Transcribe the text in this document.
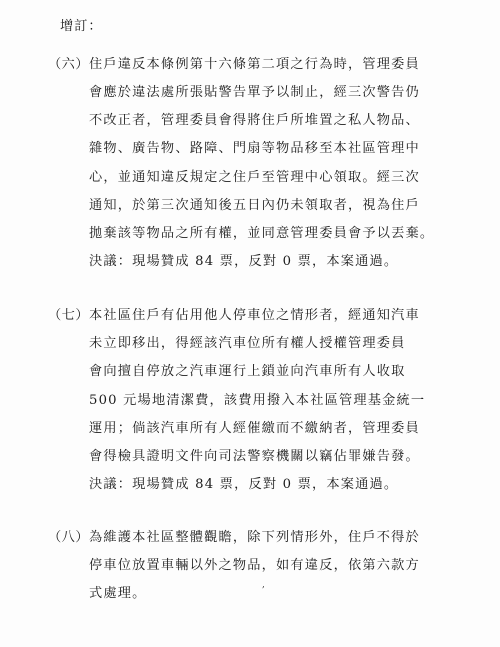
增訂：
（六） 住戶違反本條例第十六條第二項之行為時，管理委員
會應於違法處所張貼警告單予以制止，經三次警告仍
不改正者，管理委員會得將住戶所堆置之私人物品、
雜物、廣告物、路障、門扇等物品移至本社區管理中
心，並通知違反規定之住戶至管理中心領取。經三次
通知，於第三次通知後五日內仍未領取者，視為住戶
拋棄該等物品之所有權，並同意管理委員會予以丟棄。
決議：現場贊成 84 票，反對 0 票，本案通過。
（七） 本社區住戶有佔用他人停車位之情形者，經通知汽車
未立即移出，得經該汽車位所有權人授權管理委員
會向擅自停放之汽車運行上鎖並向汽車所有人收取
500 元場地清潔費，該費用撥入本社區管理基金統一
運用；倘該汽車所有人經催繳而不繳納者，管理委員
會得檢具證明文件向司法警察機關以竊佔罪嫌告發。
決議：現場贊成 84 票，反對 0 票，本案通過。
（八） 為維護本社區整體觀瞻，除下列情形外，住戶不得於
停車位放置車輛以外之物品，如有違反，依第六款方
式處理。
,
